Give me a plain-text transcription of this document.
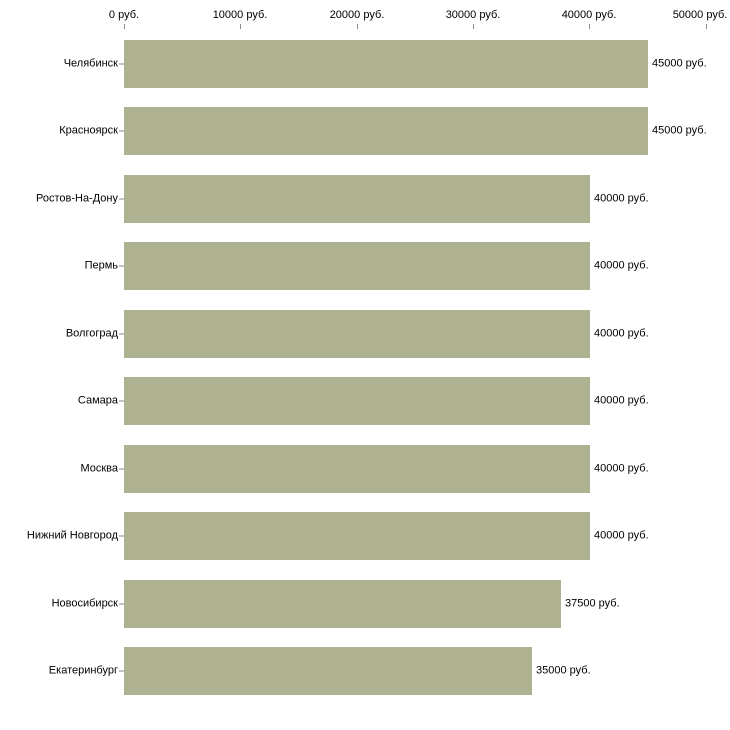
0 руб.	10000 руб.	20000 руб.	30000 руб.	40000 руб.	50000 руб.
Челябинск	45000 руб.
Красноярск	45000 руб.
Ростов-На-Дону	40000 руб.
Пермь	40000 руб.
Волгоград	40000 руб.
Самара	40000 руб.
Москва	40000 руб.
Нижний Новгород	40000 руб.
Новосибирск	37500 руб.
Екатеринбург	35000 руб.
